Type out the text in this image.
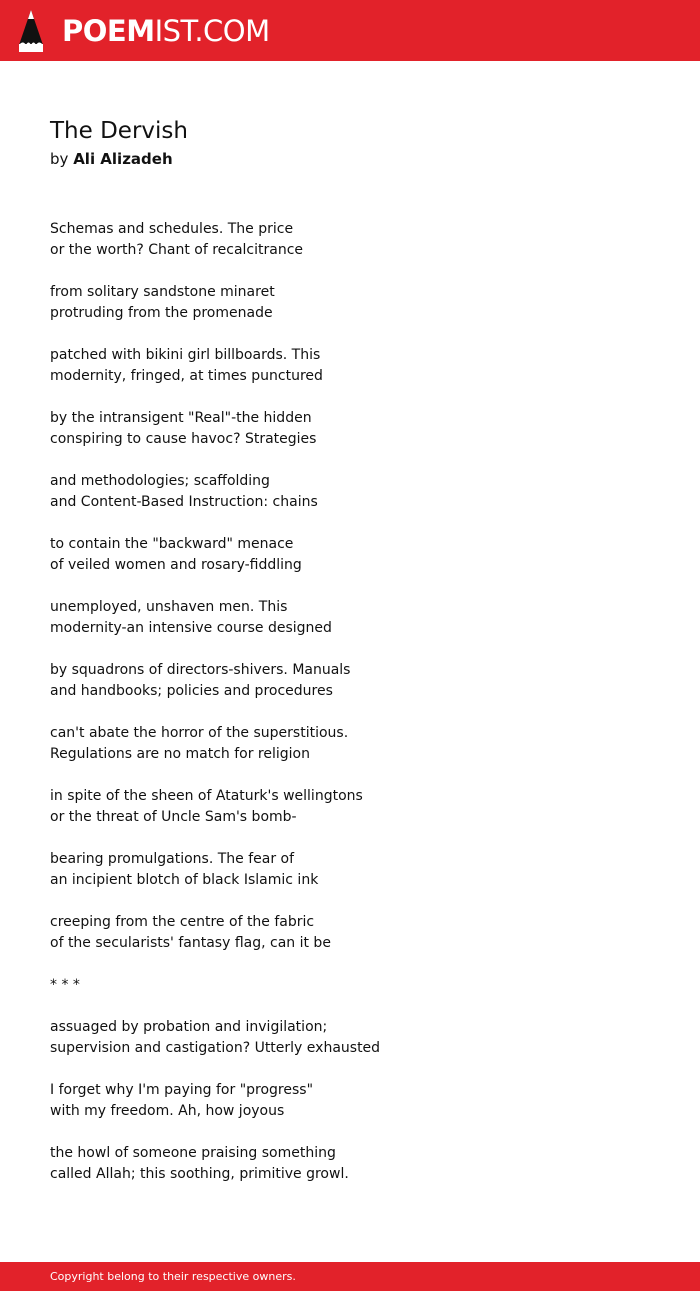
POEMIST.COM
The Dervish
by Ali Alizadeh
Schemas and schedules. The price
or the worth? Chant of recalcitrance
from solitary sandstone minaret
protruding from the promenade
patched with bikini girl billboards. This
modernity, fringed, at times punctured
by the intransigent "Real"-the hidden
conspiring to cause havoc? Strategies
and methodologies; scaffolding
and Content-Based Instruction: chains
to contain the "backward" menace
of veiled women and rosary-fiddling
unemployed, unshaven men. This
modernity-an intensive course designed
by squadrons of directors-shivers. Manuals
and handbooks; policies and procedures
can't abate the horror of the superstitious.
Regulations are no match for religion
in spite of the sheen of Ataturk's wellingtons
or the threat of Uncle Sam's bomb-
bearing promulgations. The fear of
an incipient blotch of black Islamic ink
creeping from the centre of the fabric
of the secularists' fantasy flag, can it be
* * *
assuaged by probation and invigilation;
supervision and castigation? Utterly exhausted
I forget why I'm paying for "progress"
with my freedom. Ah, how joyous
the howl of someone praising something
called Allah; this soothing, primitive growl.
Copyright belong to their respective owners.
